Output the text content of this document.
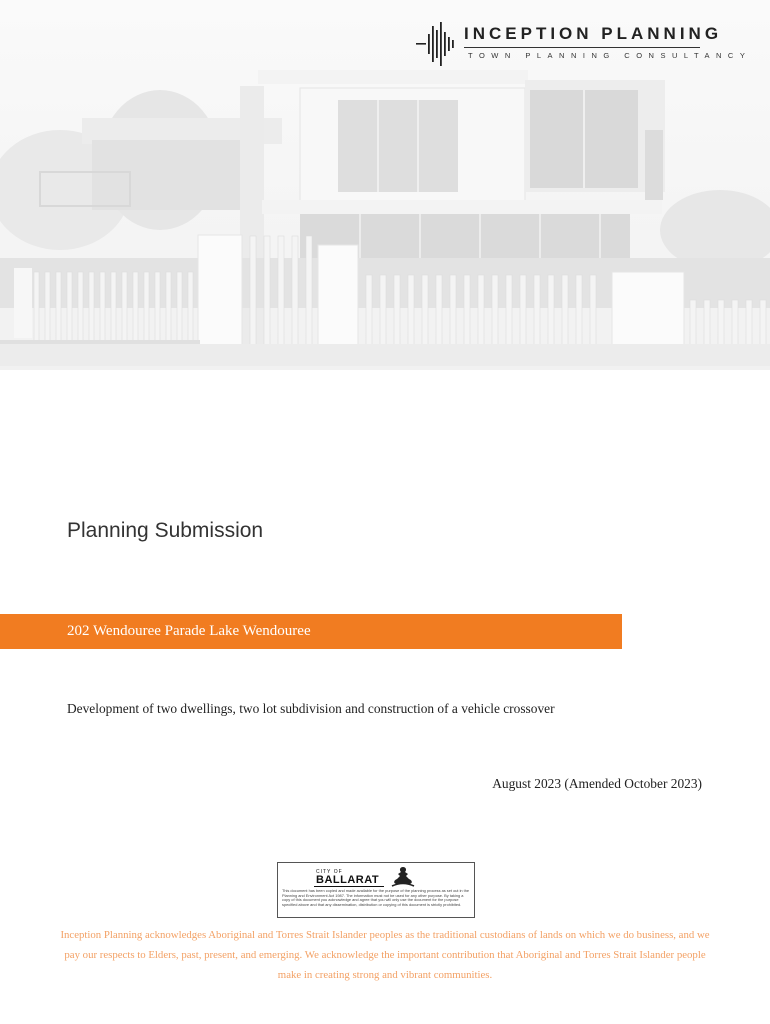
INCEPTION PLANNING
TOWN PLANNING CONSULTANCY
Planning Submission
202 Wendouree Parade Lake Wendouree
Development of two dwellings, two lot subdivision and construction of a vehicle crossover
August 2023 (Amended October 2023)
CITY OF
BALLARAT
This document has been copied and made available for the purpose of the planning process as set out in the Planning and Environment Act 1987. The information must not be used for any other purpose. By taking a copy of this document you acknowledge and agree that you will only use the document for the purpose specified above and that any dissemination, distribution or copying of this document is strictly prohibited.
Inception Planning acknowledges Aboriginal and Torres Strait Islander peoples as the traditional custodians of lands on which we do business, and we pay our respects to Elders, past, present, and emerging. We acknowledge the important contribution that Aboriginal and Torres Strait Islander people make in creating strong and vibrant communities.
